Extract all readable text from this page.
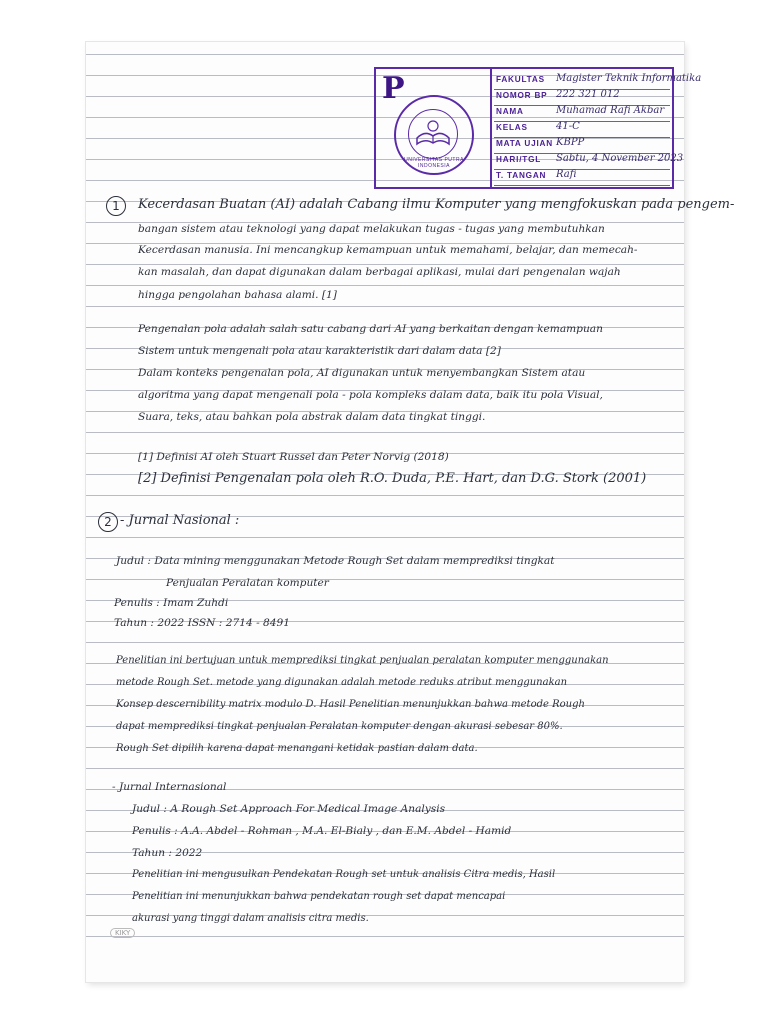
P
UNIVERSITAS PUTRA INDONESIA
FAKULTAS Magister Teknik Informatika
NOMOR BP 222 321 012
NAMA	Muhamad Rafi Akbar
KELAS	41-C
MATA UJIAN KBPP
HARI/TGL Sabtu, 4 November 2023
T. TANGAN Rafi
1	Kecerdasan Buatan (AI) adalah Cabang ilmu Komputer yang mengfokuskan pada pengem-
bangan sistem atau teknologi yang dapat melakukan tugas - tugas yang membutuhkan
Kecerdasan manusia. Ini mencangkup kemampuan untuk memahami, belajar, dan memecah-
kan masalah, dan dapat digunakan dalam berbagai aplikasi, mulai dari pengenalan wajah
hingga pengolahan bahasa alami. [1]
Pengenalan pola adalah salah satu cabang dari AI yang berkaitan dengan kemampuan
Sistem untuk mengenali pola atau karakteristik dari dalam data [2]
Dalam konteks pengenalan pola, AI digunakan untuk menyembangkan Sistem atau
algoritma yang dapat mengenali pola - pola kompleks dalam data, baik itu pola Visual,
Suara, teks, atau bahkan pola abstrak dalam data tingkat tinggi.
[1] Definisi AI oleh Stuart Russel dan Peter Norvig (2018)
[2] Definisi Pengenalan pola oleh R.O. Duda, P.E. Hart, dan D.G. Stork (2001)
2 - Jurnal Nasional :
Judul : Data mining menggunakan Metode Rough Set dalam memprediksi tingkat
Penjualan Peralatan komputer
Penulis : Imam Zuhdi
Tahun : 2022 ISSN : 2714 - 8491
Penelitian ini bertujuan untuk memprediksi tingkat penjualan peralatan komputer menggunakan
metode Rough Set. metode yang digunakan adalah metode reduks atribut menggunakan
Konsep descernibility matrix modulo D. Hasil Penelitian menunjukkan bahwa metode Rough
dapat memprediksi tingkat penjualan Peralatan komputer dengan akurasi sebesar 80%.
Rough Set dipilih karena dapat menangani ketidak pastian dalam data.
- Jurnal Internasional
Judul : A Rough Set Approach For Medical Image Analysis
Penulis : A.A. Abdel - Rohman , M.A. El-Bialy , dan E.M. Abdel - Hamid
Tahun : 2022
Penelitian ini mengusulkan Pendekatan Rough set untuk analisis Citra medis, Hasil
Penelitian ini menunjukkan bahwa pendekatan rough set dapat mencapai
akurasi yang tinggi dalam analisis citra medis.
KIKY
